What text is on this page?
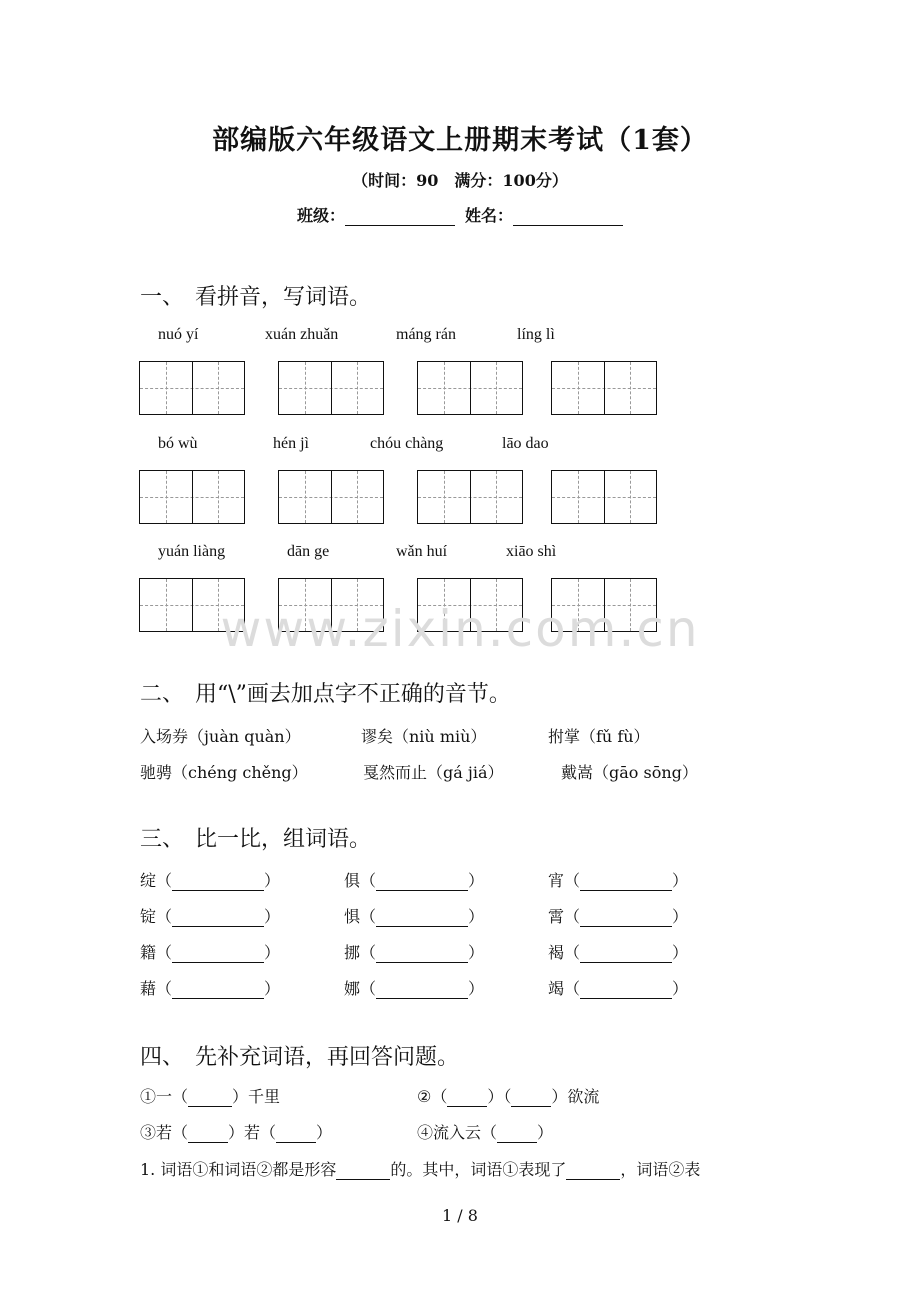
部编版六年级语文上册期末考试（1套）
（时间：90　满分：100分）
班级：	姓名：
一、　看拼音，写词语。
nuó yí	xuán zhuǎn	máng rán	líng lì
bó wù	hén jì	chóu chàng	lāo dao
yuán liàng	dān ge	wǎn huí	xiāo shì
www.zixin.com.cn
二、　用“\”画去加点字不正确的音节。
入场券（juàn quàn）	谬矣（niù miù）	拊掌（fǔ fù）
驰骋（chéng chěng）	戛然而止（gá jiá）	戴嵩（gāo sōng）
三、　比一比，组词语。
绽（	）	俱（	）	宵（	）
锭（	）	惧（	）	霄（	）
籍（	）	挪（	）	褐（	）
藉（	）	娜（	）	竭（	）
四、　先补充词语，再回答问题。
①一（	）千里	②（	）（	）欲流
③若（	）若（	）	④流入云（	）
1. 词语①和词语②都是形容	的。其中，词语①表现了	，词语②表
1 / 8
